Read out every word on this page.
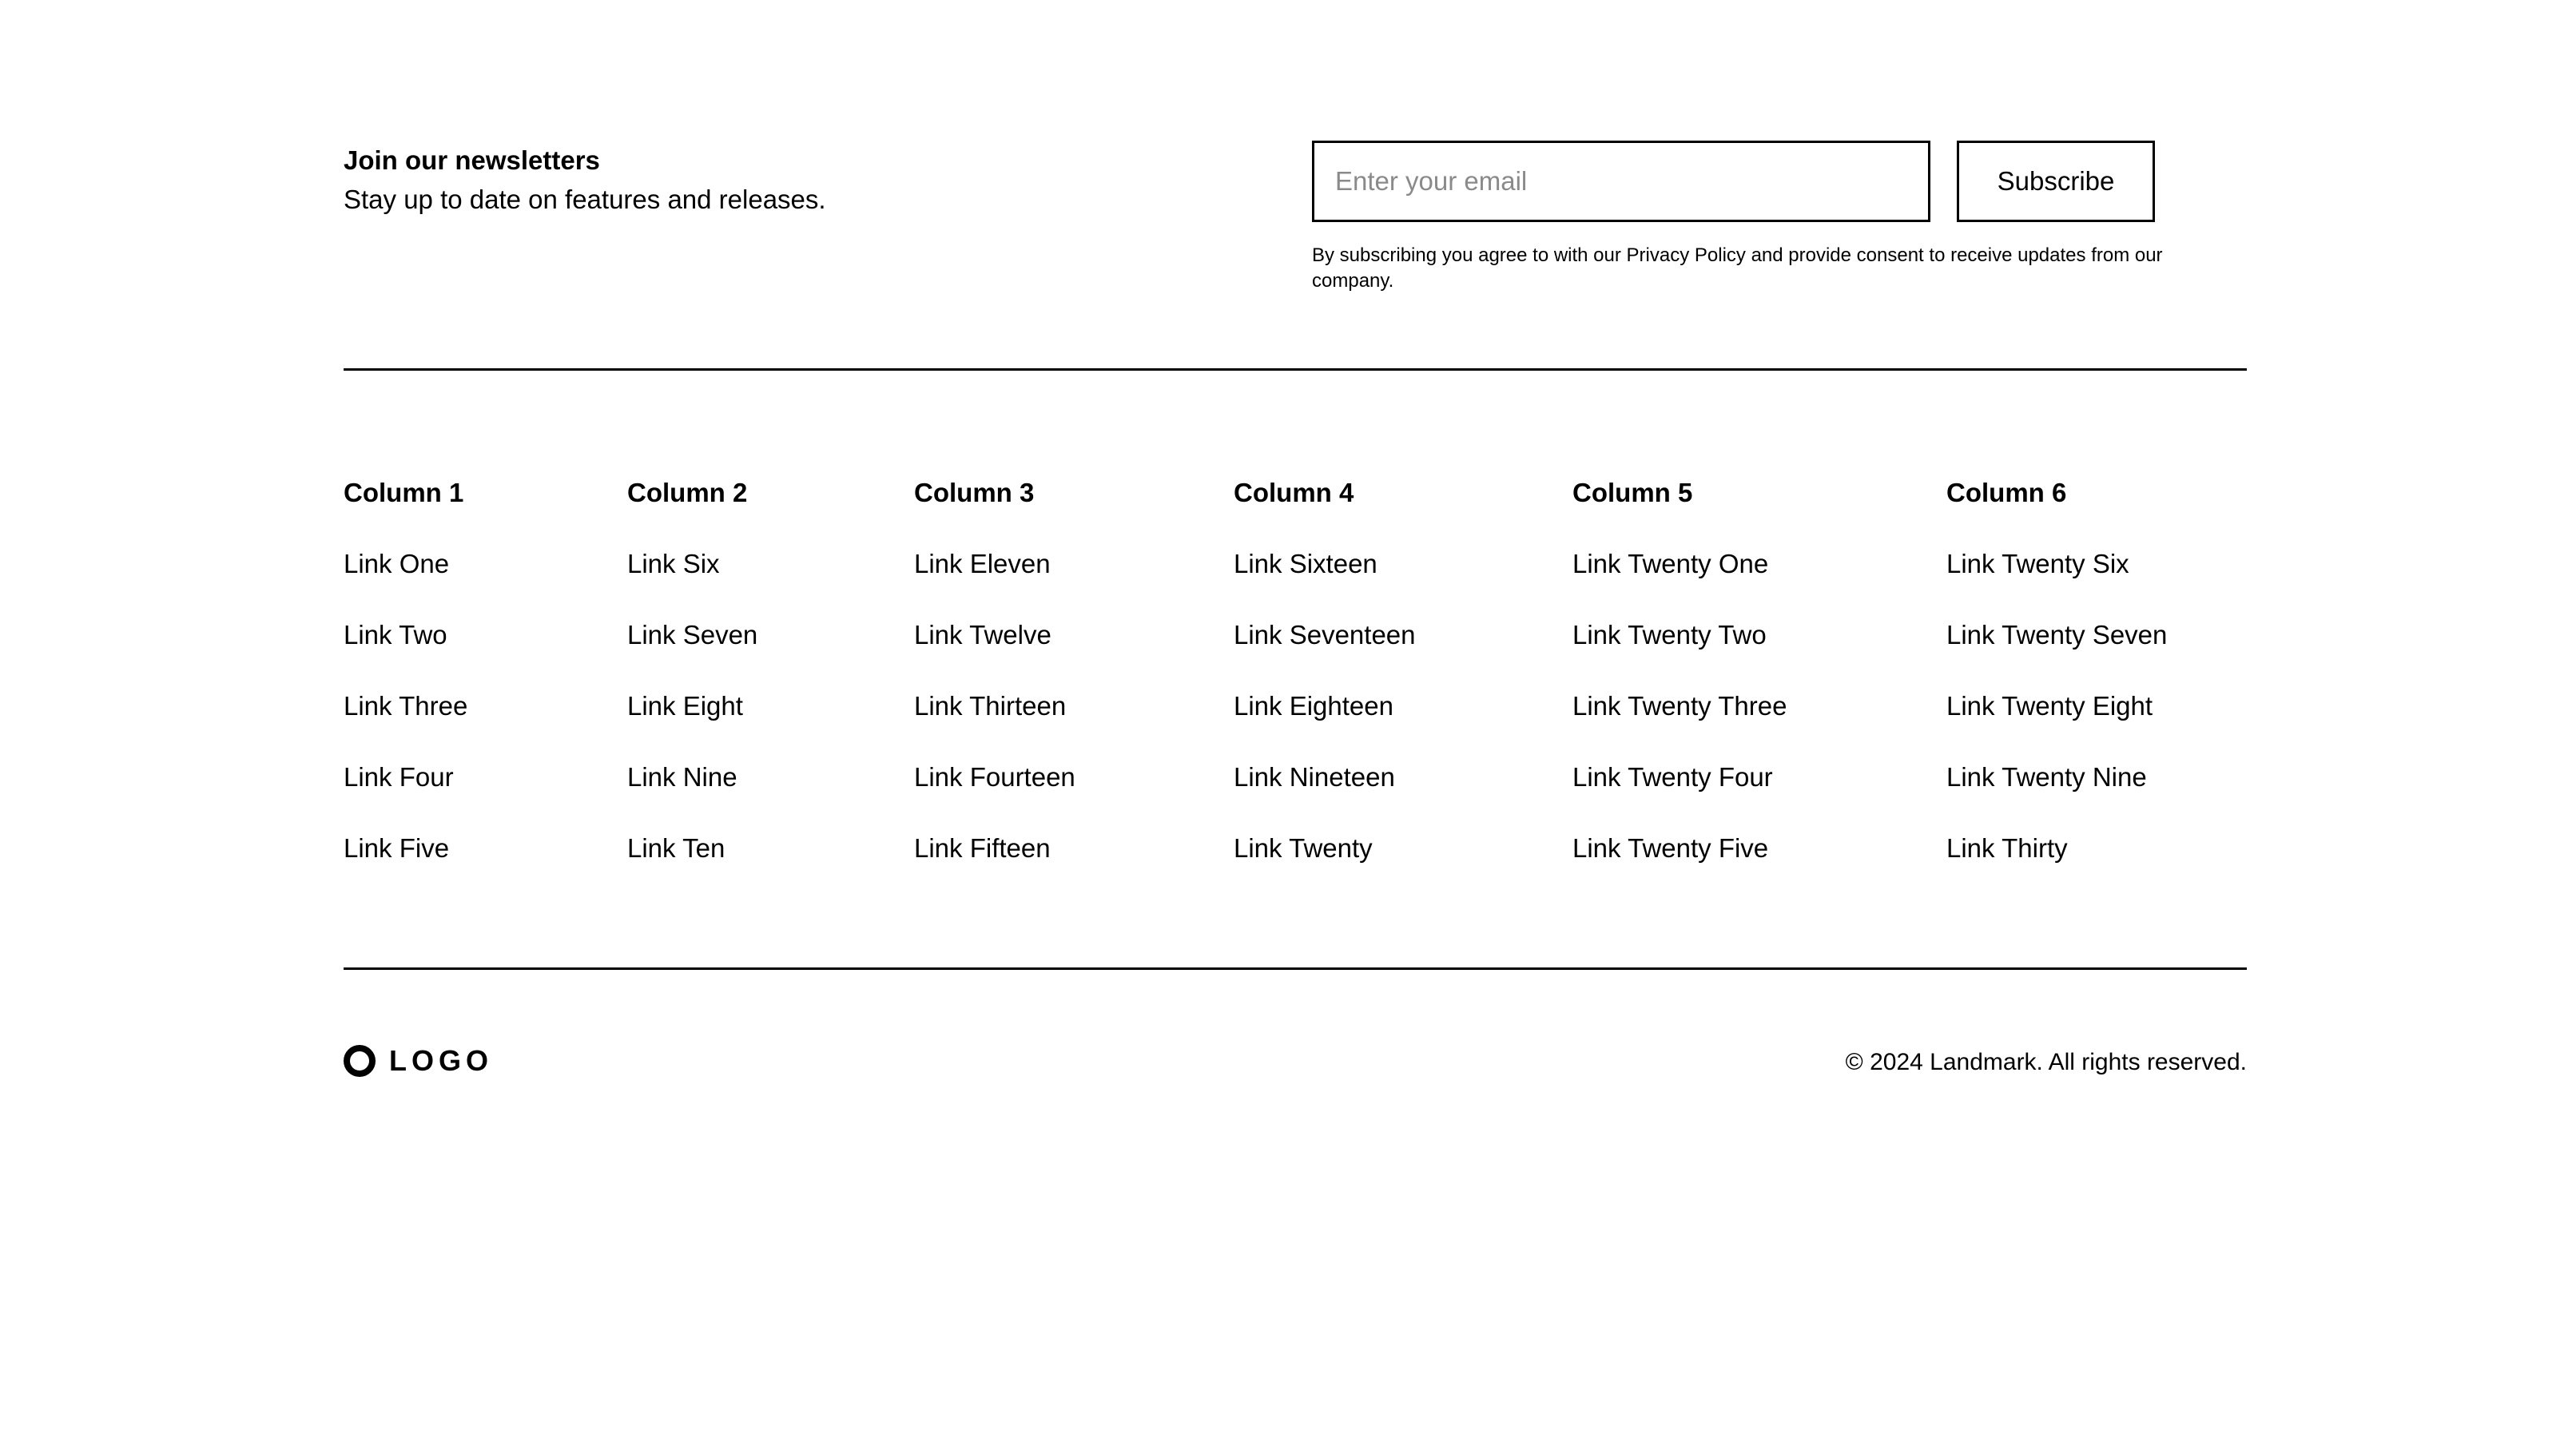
Join our newsletters
Stay up to date on features and releases.
Enter your email
Subscribe

By subscribing you agree to with our Privacy Policy and provide consent to receive updates from our company.

Column 1
Link One
Link Two
Link Three
Link Four
Link Five
Column 2
Link Six
Link Seven
Link Eight
Link Nine
Link Ten
Column 3
Link Eleven
Link Twelve
Link Thirteen
Link Fourteen
Link Fifteen
Column 4
Link Sixteen
Link Seventeen
Link Eighteen
Link Nineteen
Link Twenty
Column 5
Link Twenty One
Link Twenty Two
Link Twenty Three
Link Twenty Four
Link Twenty Five
Column 6
Link Twenty Six
Link Twenty Seven
Link Twenty Eight
Link Twenty Nine
Link Thirty
LOGO	© 2024 Landmark. All rights reserved.
